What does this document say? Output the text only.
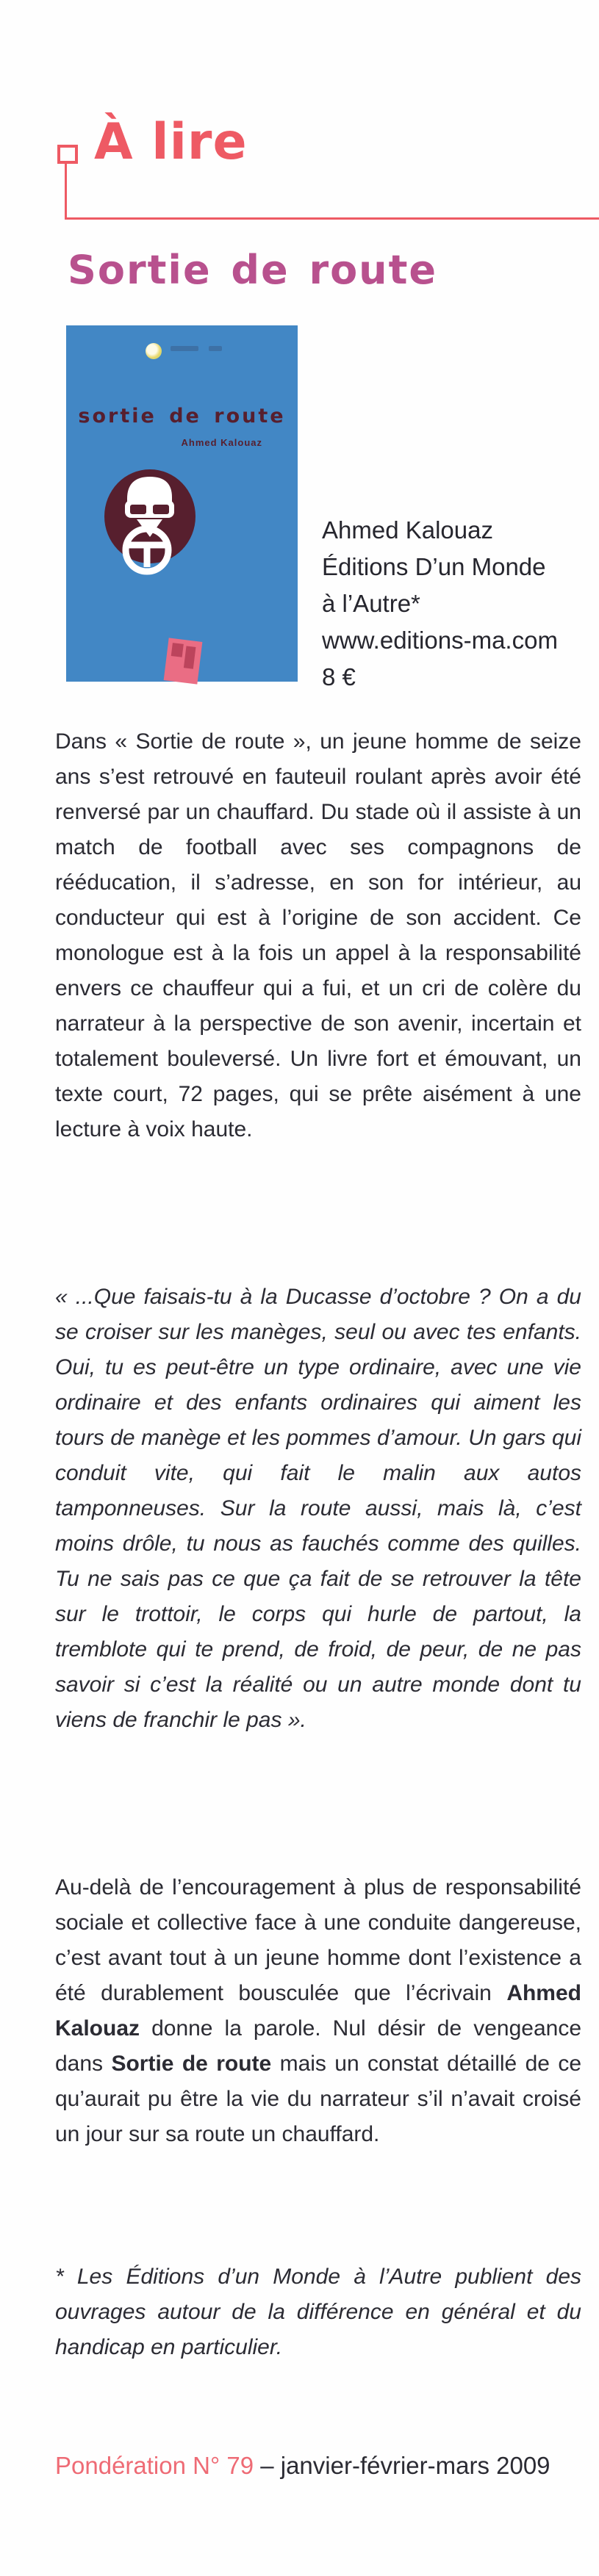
À lire
Sortie de route
sortie de route
Ahmed Kalouaz
Ahmed Kalouaz
Éditions D’un Monde
à l’Autre*
www.editions-ma.com
8 €
Dans « Sortie de route », un jeune homme de seize ans s’est retrouvé en fauteuil roulant après avoir été renversé par un chauffard. Du stade où il assiste à un match de football avec ses compagnons de rééducation, il s’adresse, en son for intérieur, au conducteur qui est à l’origine de son accident. Ce monologue est à la fois un appel à la responsabilité envers ce chauffeur qui a fui, et un cri de colère du narrateur à la perspective de son avenir, incertain et totalement bouleversé. Un livre fort et émouvant, un texte court, 72 pages, qui se prête aisément à une lecture à voix haute.
« ...Que faisais-tu à la Ducasse d’octobre ? On a du se croiser sur les manèges, seul ou avec tes enfants. Oui, tu es peut-être un type ordinaire, avec une vie ordinaire et des enfants ordinaires qui aiment les tours de manège et les pommes d’amour. Un gars qui conduit vite, qui fait le malin aux autos tamponneuses. Sur la route aussi, mais là, c’est moins drôle, tu nous as fauchés comme des quilles. Tu ne sais pas ce que ça fait de se retrouver la tête sur le trottoir, le corps qui hurle de partout, la tremblote qui te prend, de froid, de peur, de ne pas savoir si c’est la réalité ou un autre monde dont tu viens de franchir le pas ».
Au-delà de l’encouragement à plus de responsabilité sociale et collective face à une conduite dangereuse, c’est avant tout à un jeune homme dont l’existence a été durablement bousculée que l’écrivain Ahmed Kalouaz donne la parole. Nul désir de vengeance dans Sortie de route mais un constat détaillé de ce qu’aurait pu être la vie du narrateur s’il n’avait croisé un jour sur sa route un chauffard.
* Les Éditions d’un Monde à l’Autre publient des ouvrages autour de la différence en général et du handicap en particulier.
Pondération N° 79 – janvier-février-mars 2009
